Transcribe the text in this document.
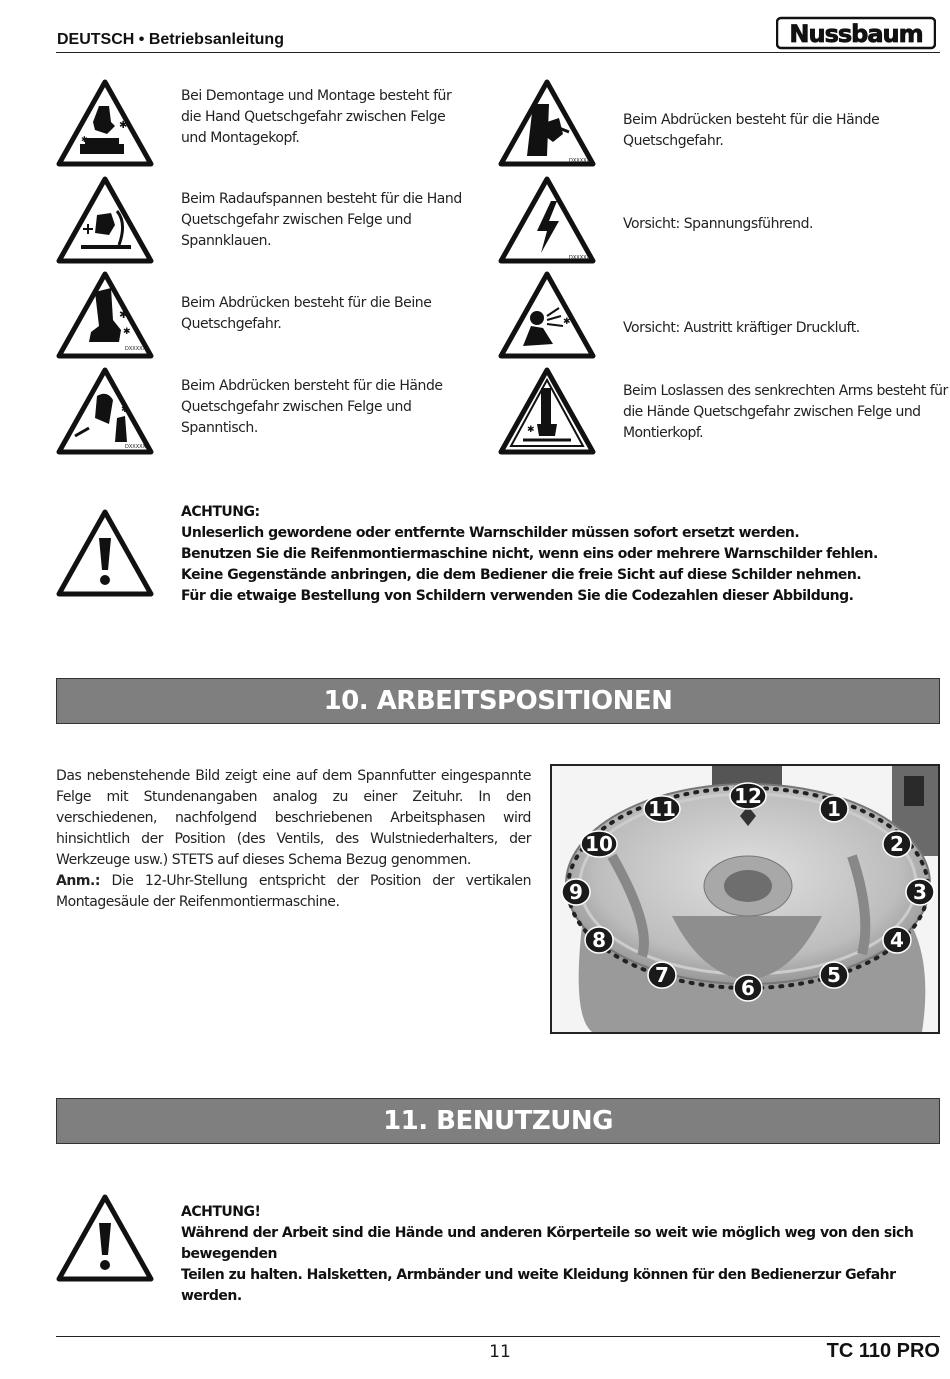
DEUTSCH • Betriebsanleitung	Nussbaum
✱
✱
✱
✱
DXXXXX
✱
DXXXXX
Bei Demontage und Montage besteht für
die Hand Quetschgefahr zwischen Felge
und Montagekopf.
Beim Radaufspannen besteht für die Hand
Quetschgefahr zwischen Felge und
Spannklauen.
Beim Abdrücken besteht für die Beine
Quetschgefahr.
Beim Abdrücken bersteht für die Hände
Quetschgefahr zwischen Felge und
Spanntisch.
DXXXXX
DXXXXX
✱
✱
Beim Abdrücken besteht für die Hände
Quetschgefahr.
Vorsicht: Spannungsführend.
Vorsicht: Austritt kräftiger Druckluft.
Beim Loslassen des senkrechten Arms besteht für
die Hände Quetschgefahr zwischen Felge und
Montierkopf.
ACHTUNG:
Unleserlich gewordene oder entfernte Warnschilder müssen sofort ersetzt werden.
Benutzen Sie die Reifenmontiermaschine nicht, wenn eins oder mehrere Warnschilder fehlen.
Keine Gegenstände anbringen, die dem Bediener die freie Sicht auf diese Schilder nehmen.
Für die etwaige Bestellung von Schildern verwenden Sie die Codezahlen dieser Abbildung.
10. ARBEITSPOSITIONEN
Das nebenstehende Bild zeigt eine auf dem Spannfutter eingespannte Felge mit Stundenangaben analog zu einer Zeituhr. In den verschiedenen, nachfolgend beschriebenen Arbeitsphasen wird hinsichtlich der Position (des Ventils, des Wulstniederhalters, der Werkzeuge usw.) STETS auf dieses Schema Bezug genommen.
Anm.: Die 12-Uhr-Stellung entspricht der Position der vertikalen Montagesäule der Reifenmontiermaschine.
1
2
3
4
5
6
7
8
9
10
11
12
11. BENUTZUNG
ACHTUNG!
Während der Arbeit sind die Hände und anderen Körperteile so weit wie möglich weg von den sich bewegenden
Teilen zu halten. Halsketten, Armbänder und weite Kleidung können für den Bedienerzur Gefahr werden.
11	TC 110 PRO
